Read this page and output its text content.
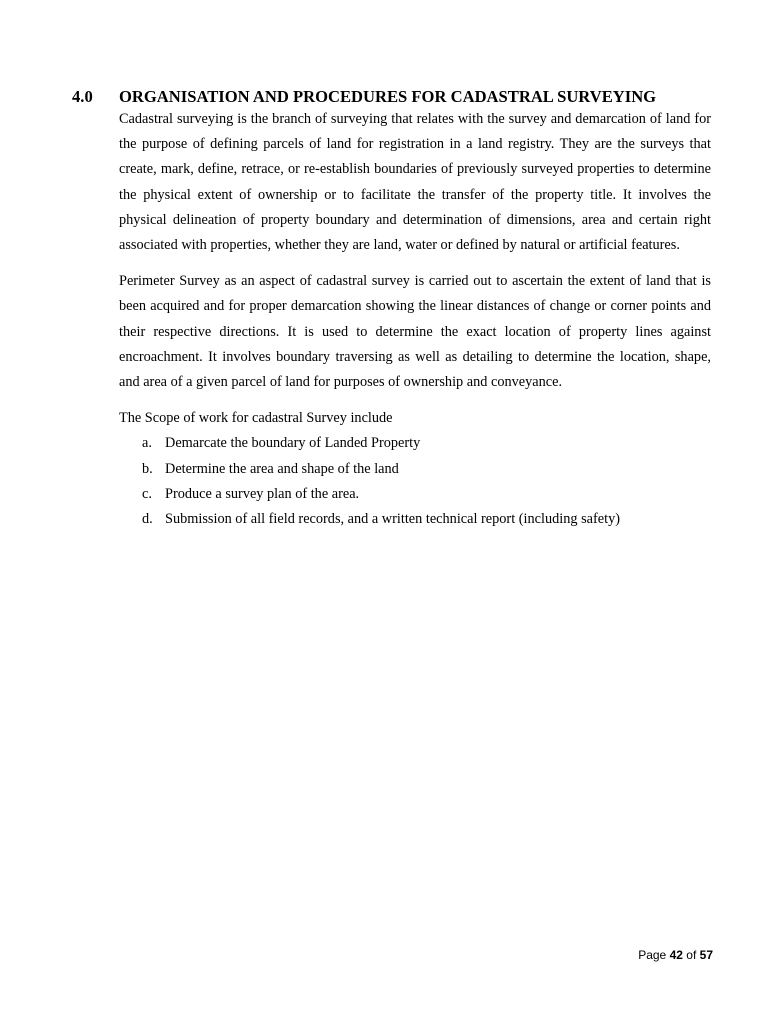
4.0 ORGANISATION AND PROCEDURES FOR CADASTRAL SURVEYING

Cadastral surveying is the branch of surveying that relates with the survey and demarcation of land for the purpose of defining parcels of land for registration in a land registry. They are the surveys that create, mark, define, retrace, or re-establish boundaries of previously surveyed properties to determine the physical extent of ownership or to facilitate the transfer of the property title. It involves the physical delineation of property boundary and determination of dimensions, area and certain right associated with properties, whether they are land, water or defined by natural or artificial features.

Perimeter Survey as an aspect of cadastral survey is carried out to ascertain the extent of land that is been acquired and for proper demarcation showing the linear distances of change or corner points and their respective directions. It is used to determine the exact location of property lines against encroachment. It involves boundary traversing as well as detailing to determine the location, shape, and area of a given parcel of land for purposes of ownership and conveyance.

The Scope of work for cadastral Survey include

a. Demarcate the boundary of Landed Property
b. Determine the area and shape of the land
c. Produce a survey plan of the area.
d. Submission of all field records, and a written technical report (including safety)
Page 42 of 57
